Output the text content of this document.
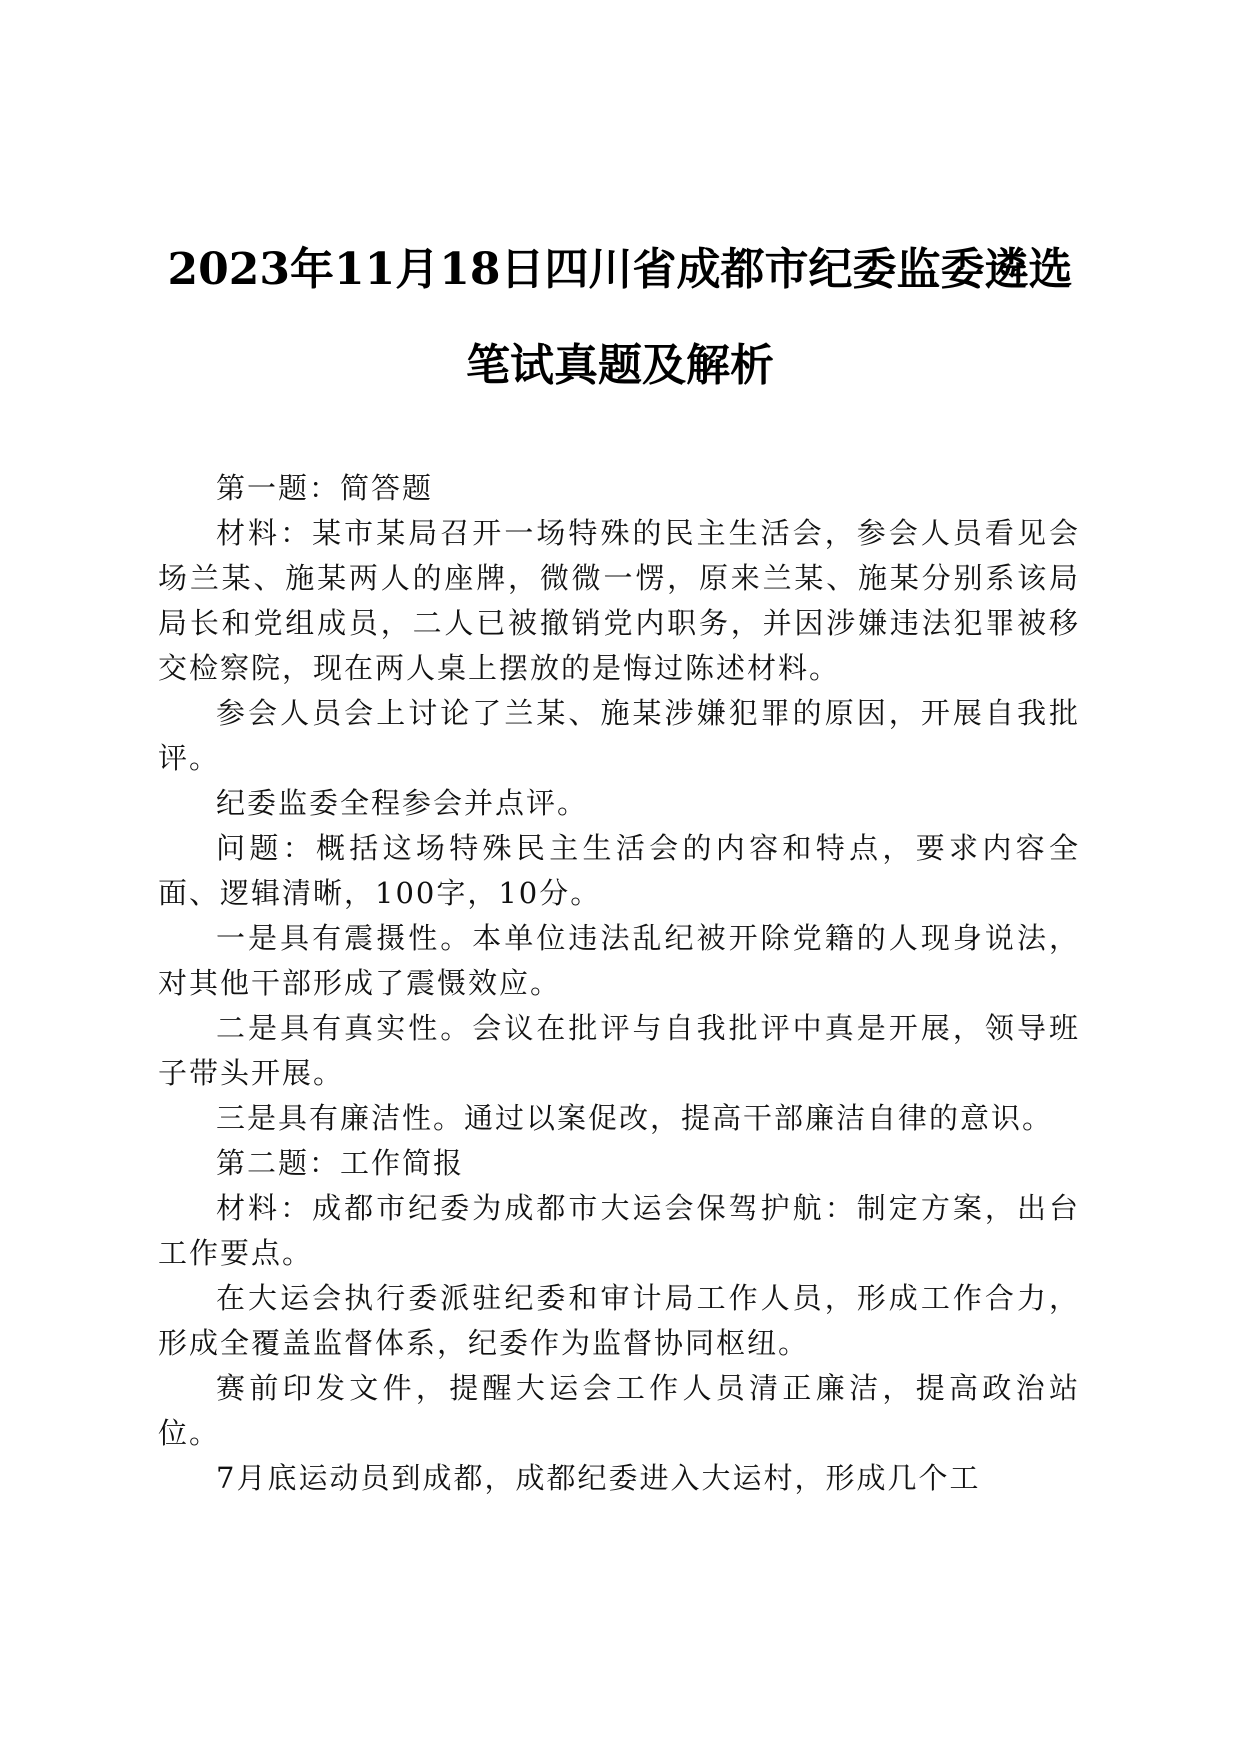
2023年11月18日四川省成都市纪委监委遴选
笔试真题及解析

第一题：简答题

材料：某市某局召开一场特殊的民主生活会，参会人员看见会场兰某、施某两人的座牌，微微一愣，原来兰某、施某分别系该局局长和党组成员，二人已被撤销党内职务，并因涉嫌违法犯罪被移交检察院，现在两人桌上摆放的是悔过陈述材料。

参会人员会上讨论了兰某、施某涉嫌犯罪的原因，开展自我批评。

纪委监委全程参会并点评。

问题：概括这场特殊民主生活会的内容和特点，要求内容全面、逻辑清晰，100字，10分。

一是具有震摄性。本单位违法乱纪被开除党籍的人现身说法，对其他干部形成了震慑效应。

二是具有真实性。会议在批评与自我批评中真是开展，领导班子带头开展。

三是具有廉洁性。通过以案促改，提高干部廉洁自律的意识。

第二题：工作简报

材料：成都市纪委为成都市大运会保驾护航：制定方案，出台工作要点。

在大运会执行委派驻纪委和审计局工作人员，形成工作合力，形成全覆盖监督体系，纪委作为监督协同枢纽。

赛前印发文件，提醒大运会工作人员清正廉洁，提高政治站位。

7月底运动员到成都，成都纪委进入大运村，形成几个工
